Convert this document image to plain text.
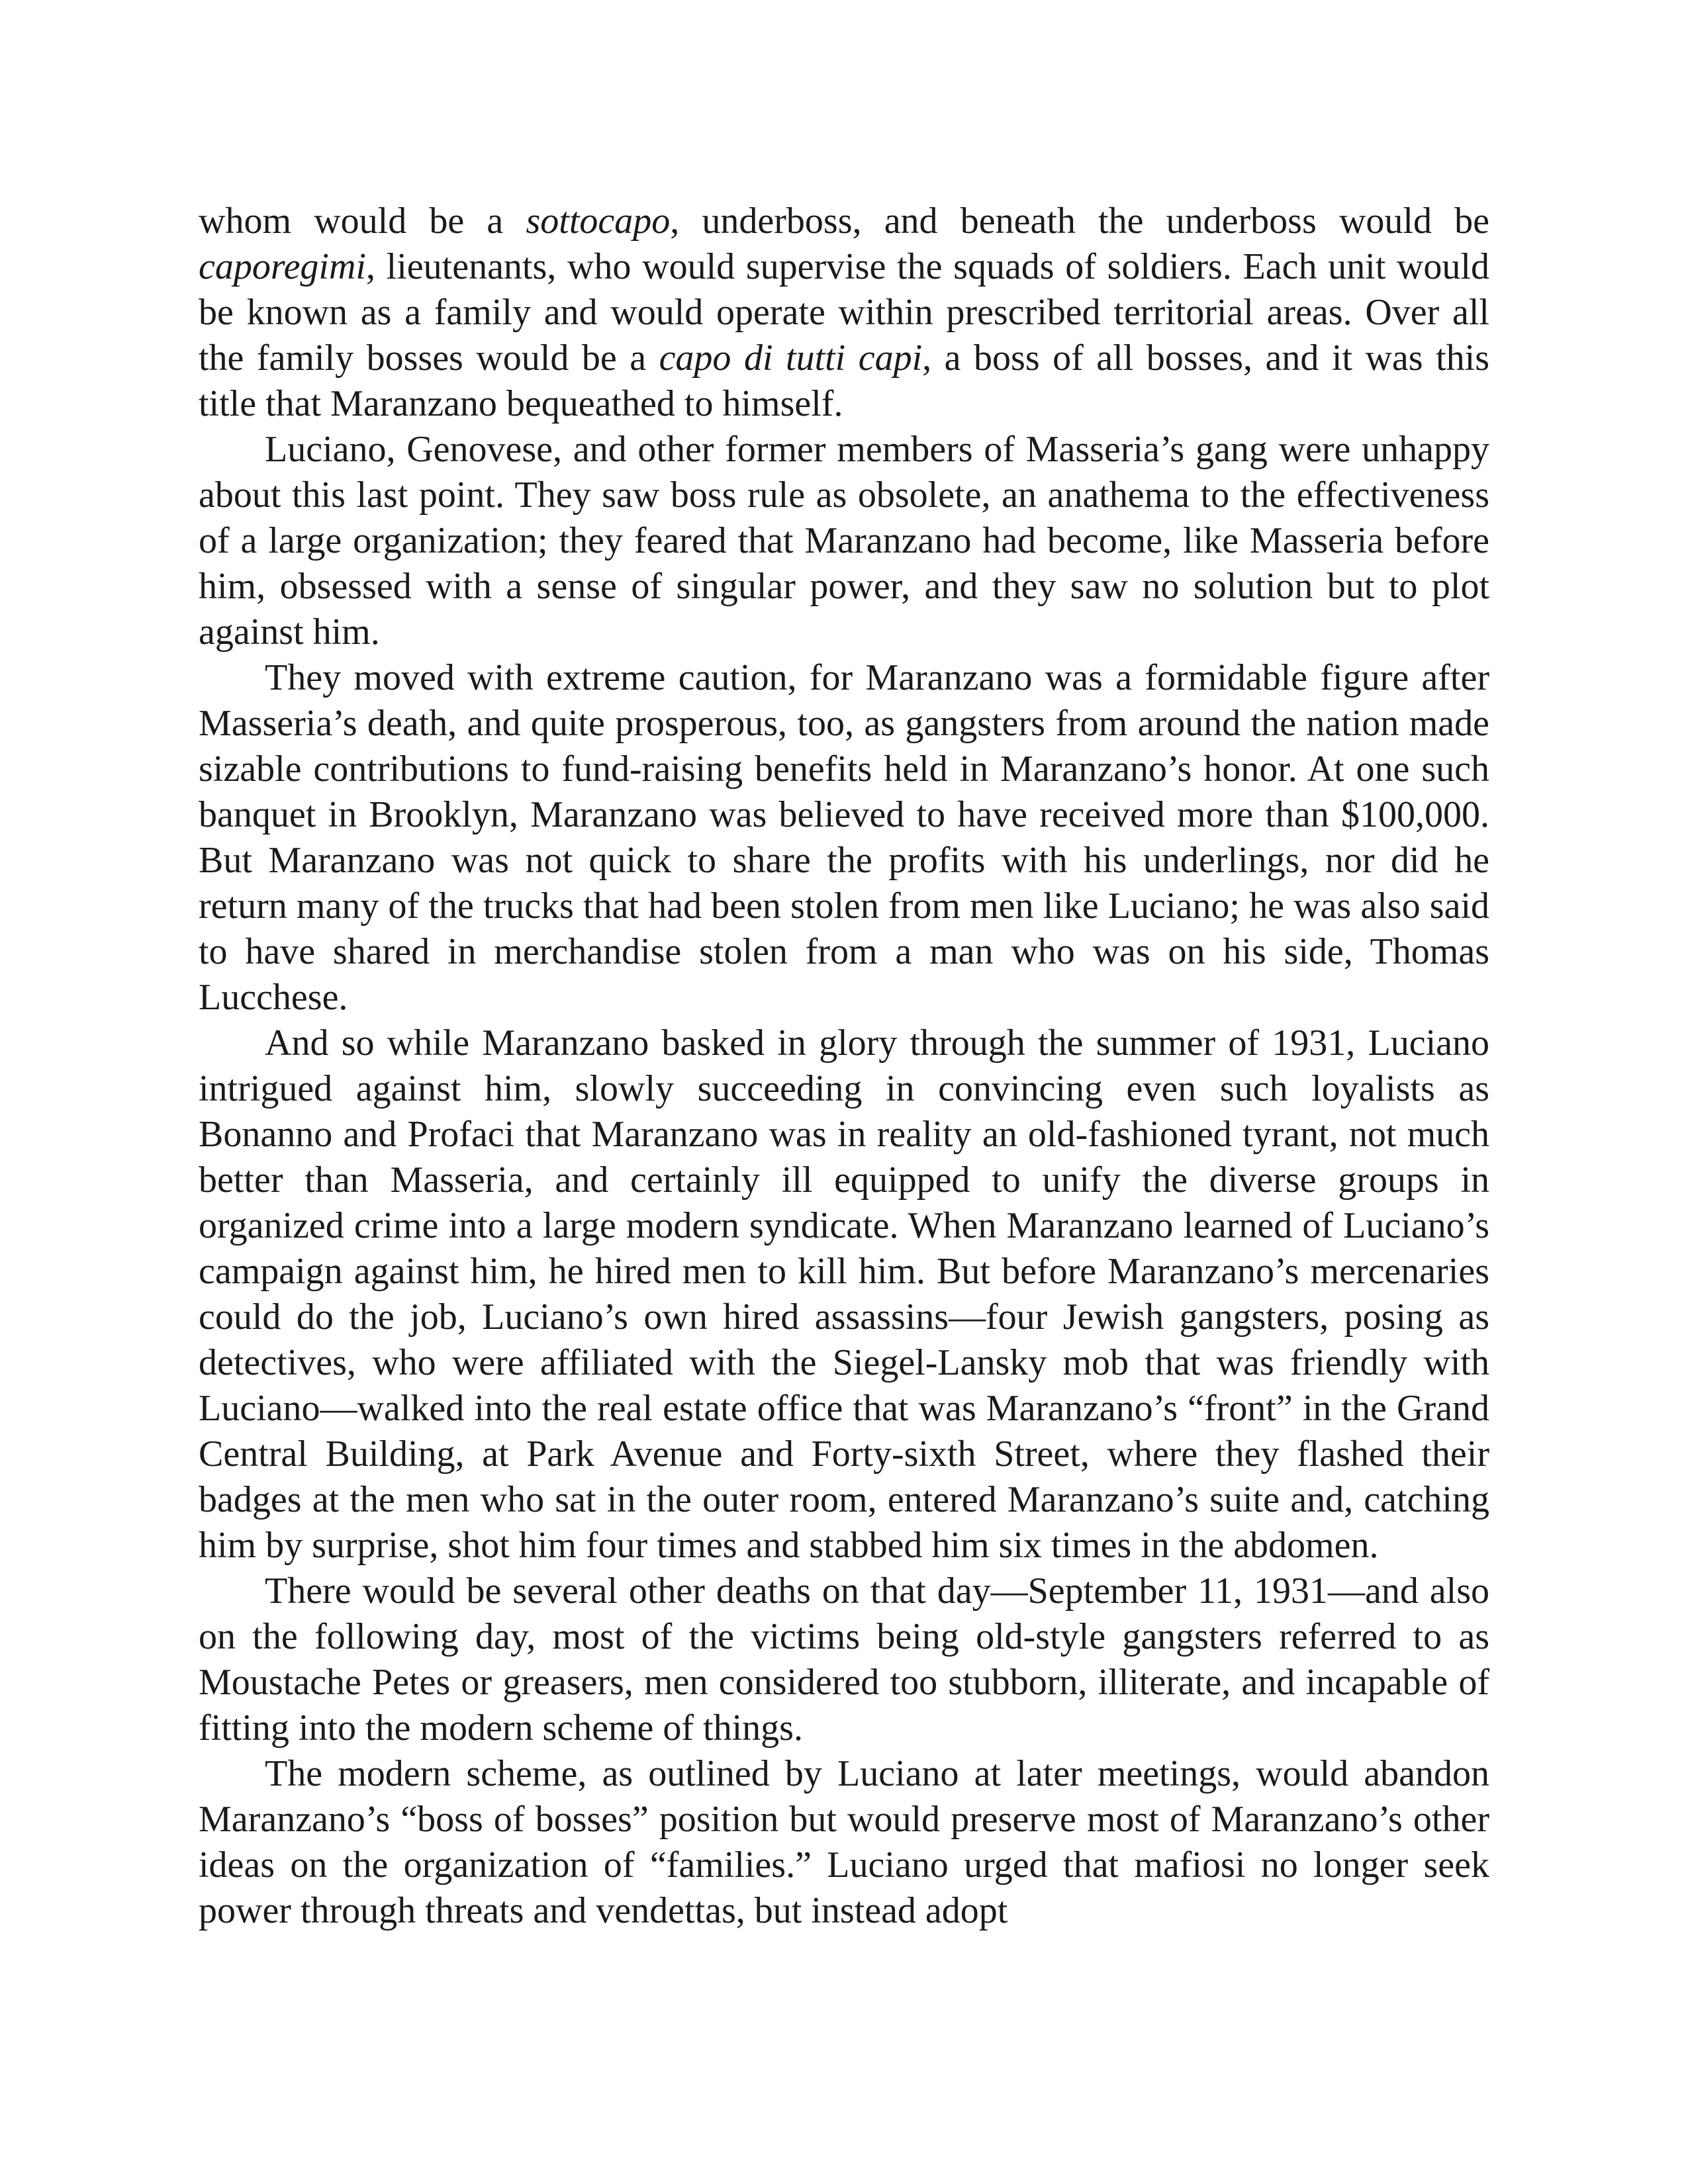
whom would be a sottocapo, underboss, and beneath the underboss would be caporegimi, lieutenants, who would supervise the squads of soldiers. Each unit would be known as a family and would operate within prescribed territorial areas. Over all the family bosses would be a capo di tutti capi, a boss of all bosses, and it was this title that Maranzano bequeathed to himself.

Luciano, Genovese, and other former members of Masseria’s gang were unhappy about this last point. They saw boss rule as obsolete, an anathema to the effectiveness of a large organization; they feared that Maranzano had become, like Masseria before him, obsessed with a sense of singular power, and they saw no solution but to plot against him.

They moved with extreme caution, for Maranzano was a formidable figure after Masseria’s death, and quite prosperous, too, as gangsters from around the nation made sizable contributions to fund-raising benefits held in Maranzano’s honor. At one such banquet in Brooklyn, Maranzano was believed to have received more than $100,000. But Maranzano was not quick to share the profits with his underlings, nor did he return many of the trucks that had been stolen from men like Luciano; he was also said to have shared in merchandise stolen from a man who was on his side, Thomas Lucchese.

And so while Maranzano basked in glory through the summer of 1931, Luciano intrigued against him, slowly succeeding in convincing even such loyalists as Bonanno and Profaci that Maranzano was in reality an old-fashioned tyrant, not much better than Masseria, and certainly ill equipped to unify the diverse groups in organized crime into a large modern syndicate. When Maranzano learned of Luciano’s campaign against him, he hired men to kill him. But before Maranzano’s mercenaries could do the job, Luciano’s own hired assassins—four Jewish gangsters, posing as detectives, who were affiliated with the Siegel-Lansky mob that was friendly with Luciano—walked into the real estate office that was Maranzano’s “front” in the Grand Central Building, at Park Avenue and Forty-sixth Street, where they flashed their badges at the men who sat in the outer room, entered Maranzano’s suite and, catching him by surprise, shot him four times and stabbed him six times in the abdomen.

There would be several other deaths on that day—September 11, 1931—and also on the following day, most of the victims being old-style gangsters referred to as Moustache Petes or greasers, men considered too stubborn, illiterate, and incapable of fitting into the modern scheme of things.

The modern scheme, as outlined by Luciano at later meetings, would abandon Maranzano’s “boss of bosses” position but would preserve most of Maranzano’s other ideas on the organization of “families.” Luciano urged that mafiosi no longer seek power through threats and vendettas, but instead adopt
